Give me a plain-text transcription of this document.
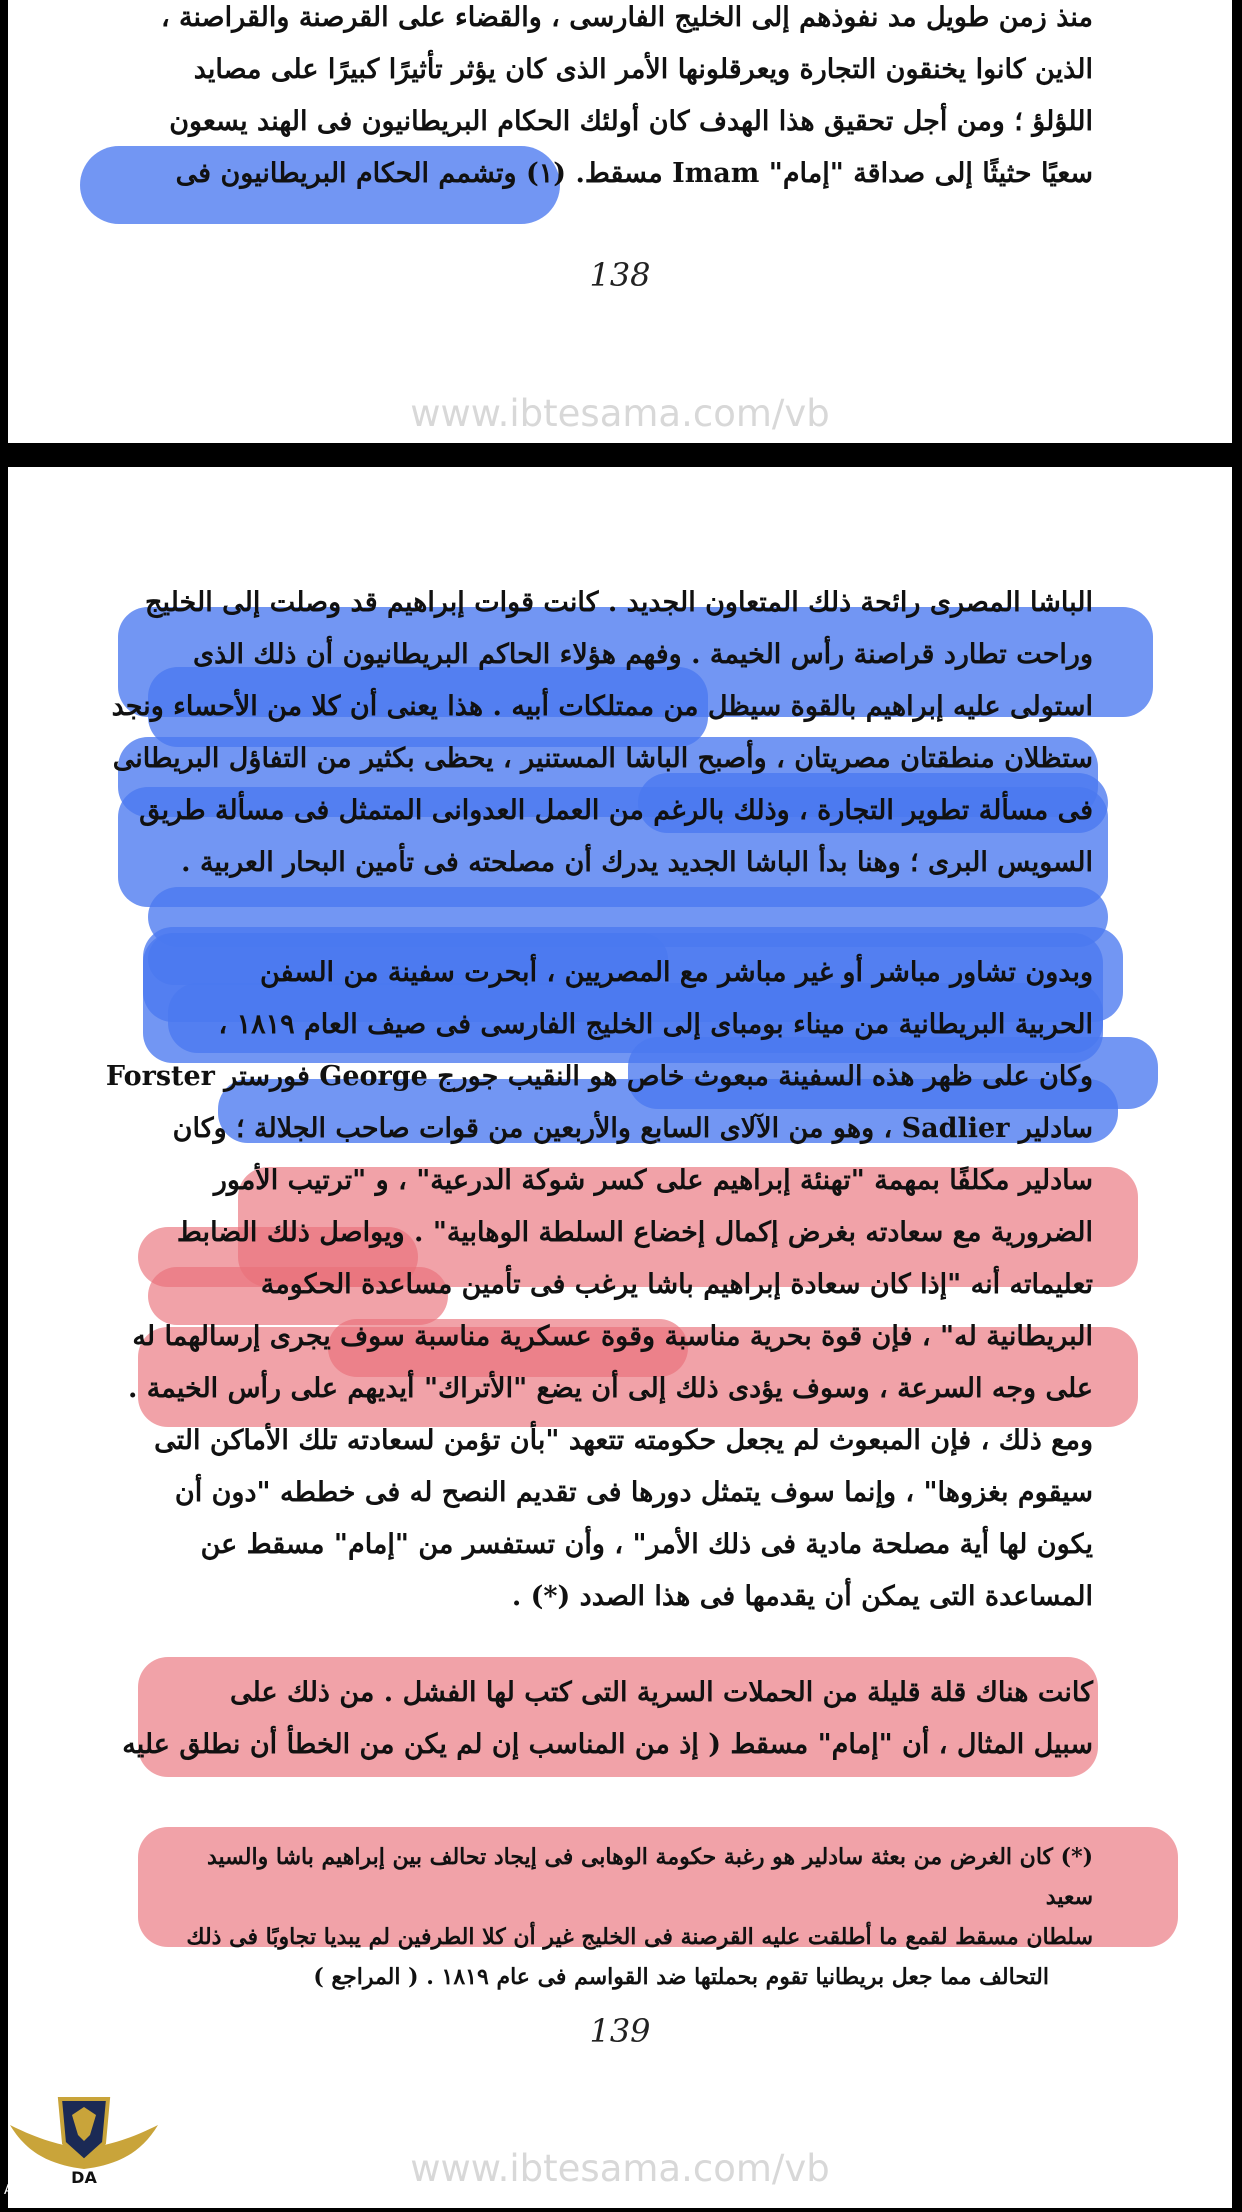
منذ زمن طويل مد نفوذهم إلى الخليج الفارسى ، والقضاء على القرصنة والقراصنة ،
الذين كانوا يخنقون التجارة ويعرقلونها الأمر الذى كان يؤثر تأثيرًا كبيرًا على مصايد
اللؤلؤ ؛ ومن أجل تحقيق هذا الهدف كان أولئك الحكام البريطانيون فى الهند يسعون
سعيًا حثيثًا إلى صداقة "إمام" Imam مسقط. (١) وتشمم الحكام البريطانيون فى
138
www.ibtesama.com/vb
الباشا المصرى رائحة ذلك المتعاون الجديد . كانت قوات إبراهيم قد وصلت إلى الخليج
وراحت تطارد قراصنة رأس الخيمة . وفهم هؤلاء الحاكم البريطانيون أن ذلك الذى
استولى عليه إبراهيم بالقوة سيظل من ممتلكات أبيه . هذا يعنى أن كلا من الأحساء ونجد
ستظلان منطقتان مصريتان ، وأصبح الباشا المستنير ، يحظى بكثير من التفاؤل البريطانى
فى مسألة تطوير التجارة ، وذلك بالرغم من العمل العدوانى المتمثل فى مسألة طريق
السويس البرى ؛ وهنا بدأ الباشا الجديد يدرك أن مصلحته فى تأمين البحار العربية .
وبدون تشاور مباشر أو غير مباشر مع المصريين ، أبحرت سفينة من السفن
الحربية البريطانية من ميناء بومباى إلى الخليج الفارسى فى صيف العام ١٨١٩ ،
وكان على ظهر هذه السفينة مبعوث خاص هو النقيب جورج George فورستر Forster
سادلير Sadlier ، وهو من الآلاى السابع والأربعين من قوات صاحب الجلالة ؛ وكان
سادلير مكلفًا بمهمة "تهنئة إبراهيم على كسر شوكة الدرعية" ، و "ترتيب الأمور
الضرورية مع سعادته بغرض إكمال إخضاع السلطة الوهابية" . ويواصل ذلك الضابط
تعليماته أنه "إذا كان سعادة إبراهيم باشا يرغب فى تأمين مساعدة الحكومة
البريطانية له" ، فإن قوة بحرية مناسبة وقوة عسكرية مناسبة سوف يجرى إرسالهما له
على وجه السرعة ، وسوف يؤدى ذلك إلى أن يضع "الأتراك" أيديهم على رأس الخيمة .
ومع ذلك ، فإن المبعوث لم يجعل حكومته تتعهد "بأن تؤمن لسعادته تلك الأماكن التى
سيقوم بغزوها" ، وإنما سوف يتمثل دورها فى تقديم النصح له فى خططه "دون أن
يكون لها أية مصلحة مادية فى ذلك الأمر" ، وأن تستفسر من "إمام" مسقط عن
المساعدة التى يمكن أن يقدمها فى هذا الصدد (*) .
كانت هناك قلة قليلة من الحملات السرية التى كتب لها الفشل . من ذلك على
سبيل المثال ، أن "إمام" مسقط ( إذ من المناسب إن لم يكن من الخطأ أن نطلق عليه
(*) كان الغرض من بعثة سادلير هو رغبة حكومة الوهابى فى إيجاد تحالف بين إبراهيم باشا والسيد سعيد
سلطان مسقط لقمع ما أطلقت عليه القرصنة فى الخليج غير أن كلا الطرفين لم يبديا تجاوبًا فى ذلك
التحالف مما جعل بريطانيا تقوم بحملتها ضد القواسم فى عام ١٨١٩ . ( المراجع )
139
www.ibtesama.com/vb
DA
ARAB DEFENSE FORUM
